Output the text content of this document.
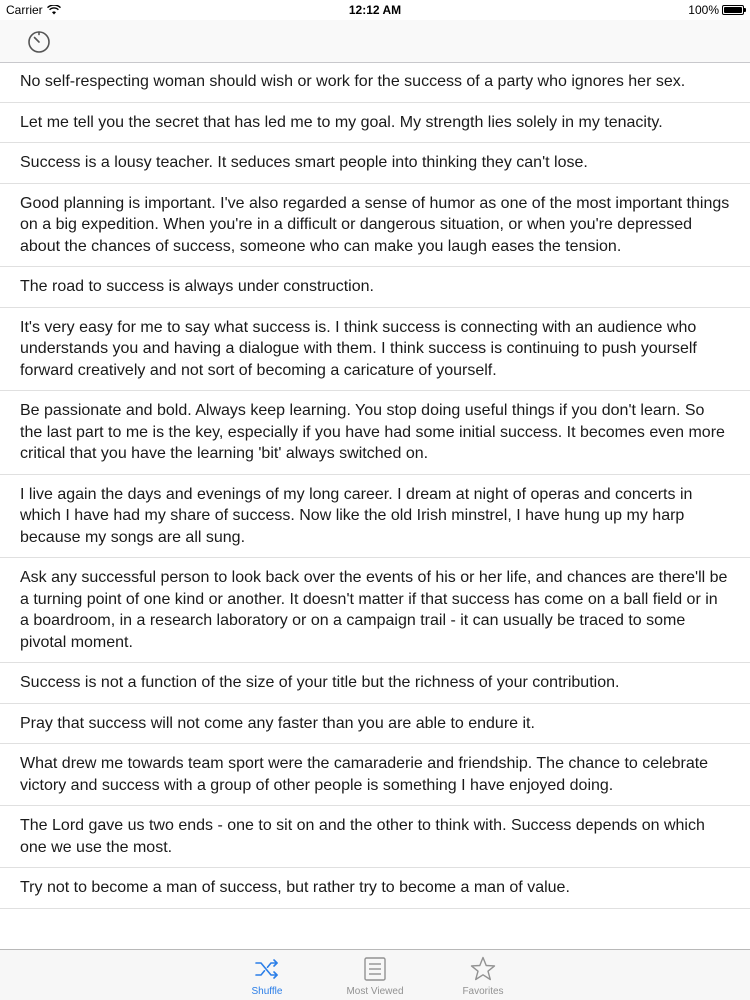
Carrier	12:12 AM	100%
No self-respecting woman should wish or work for the success of a party who ignores her sex.
Let me tell you the secret that has led me to my goal. My strength lies solely in my tenacity.
Success is a lousy teacher. It seduces smart people into thinking they can't lose.
Good planning is important. I've also regarded a sense of humor as one of the most important things on a big expedition. When you're in a difficult or dangerous situation, or when you're depressed about the chances of success, someone who can make you laugh eases the tension.
The road to success is always under construction.
It's very easy for me to say what success is. I think success is connecting with an audience who understands you and having a dialogue with them. I think success is continuing to push yourself forward creatively and not sort of becoming a caricature of yourself.
Be passionate and bold. Always keep learning. You stop doing useful things if you don't learn. So the last part to me is the key, especially if you have had some initial success. It becomes even more critical that you have the learning 'bit' always switched on.
I live again the days and evenings of my long career. I dream at night of operas and concerts in which I have had my share of success. Now like the old Irish minstrel, I have hung up my harp because my songs are all sung.
Ask any successful person to look back over the events of his or her life, and chances are there'll be a turning point of one kind or another. It doesn't matter if that success has come on a ball field or in a boardroom, in a research laboratory or on a campaign trail - it can usually be traced to some pivotal moment.
Success is not a function of the size of your title but the richness of your contribution.
Pray that success will not come any faster than you are able to endure it.
What drew me towards team sport were the camaraderie and friendship. The chance to celebrate victory and success with a group of other people is something I have enjoyed doing.
The Lord gave us two ends - one to sit on and the other to think with. Success depends on which one we use the most.
Try not to become a man of success, but rather try to become a man of value.
Shuffle	Most Viewed	Favorites
